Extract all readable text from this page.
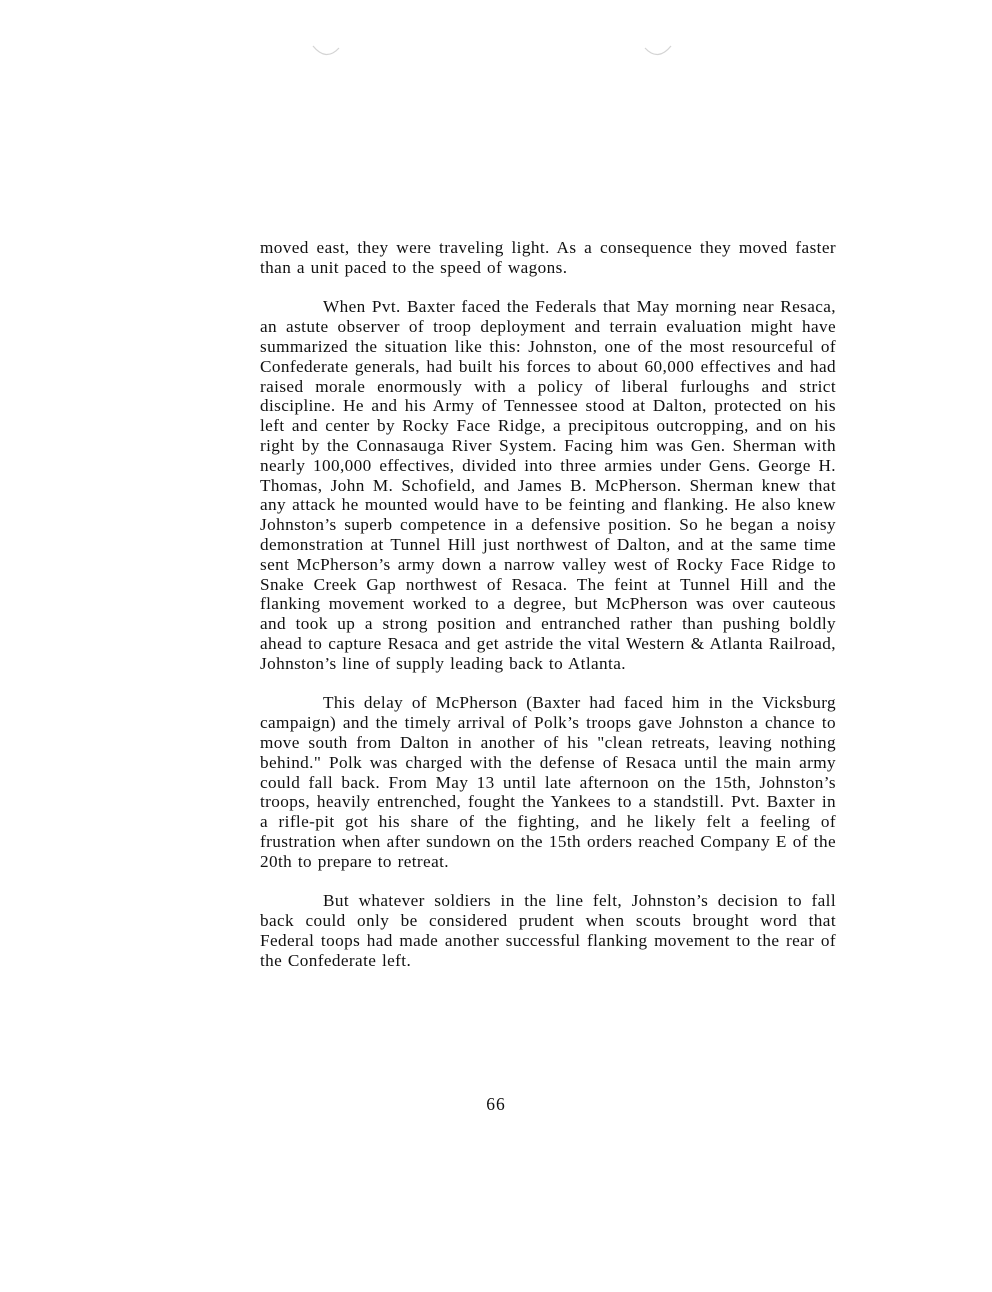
moved east, they were traveling light. As a consequence they moved faster than a unit paced to the speed of wagons.

When Pvt. Baxter faced the Federals that May morning near Resaca, an astute observer of troop deployment and terrain evaluation might have summarized the situation like this: Johnston, one of the most resourceful of Confederate generals, had built his forces to about 60,000 effectives and had raised morale enormously with a policy of liberal furloughs and strict discipline. He and his Army of Tennessee stood at Dalton, protected on his left and center by Rocky Face Ridge, a precipitous outcropping, and on his right by the Connasauga River System. Facing him was Gen. Sherman with nearly 100,000 effectives, divided into three armies under Gens. George H. Thomas, John M. Schofield, and James B. McPherson. Sherman knew that any attack he mounted would have to be feinting and flanking. He also knew Johnston’s superb competence in a defensive position. So he began a noisy demonstration at Tunnel Hill just northwest of Dalton, and at the same time sent McPherson’s army down a narrow valley west of Rocky Face Ridge to Snake Creek Gap northwest of Resaca. The feint at Tunnel Hill and the flanking movement worked to a degree, but McPherson was over cauteous and took up a strong position and entranched rather than pushing boldly ahead to capture Resaca and get astride the vital Western & Atlanta Railroad, Johnston’s line of supply leading back to Atlanta.

This delay of McPherson (Baxter had faced him in the Vicksburg campaign) and the timely arrival of Polk’s troops gave Johnston a chance to move south from Dalton in another of his "clean retreats, leaving nothing behind." Polk was charged with the defense of Resaca until the main army could fall back. From May 13 until late afternoon on the 15th, Johnston’s troops, heavily entrenched, fought the Yankees to a standstill. Pvt. Baxter in a rifle-pit got his share of the fighting, and he likely felt a feeling of frustration when after sundown on the 15th orders reached Company E of the 20th to prepare to retreat.

But whatever soldiers in the line felt, Johnston’s decision to fall back could only be considered prudent when scouts brought word that Federal toops had made another successful flanking movement to the rear of the Confederate left.

66
